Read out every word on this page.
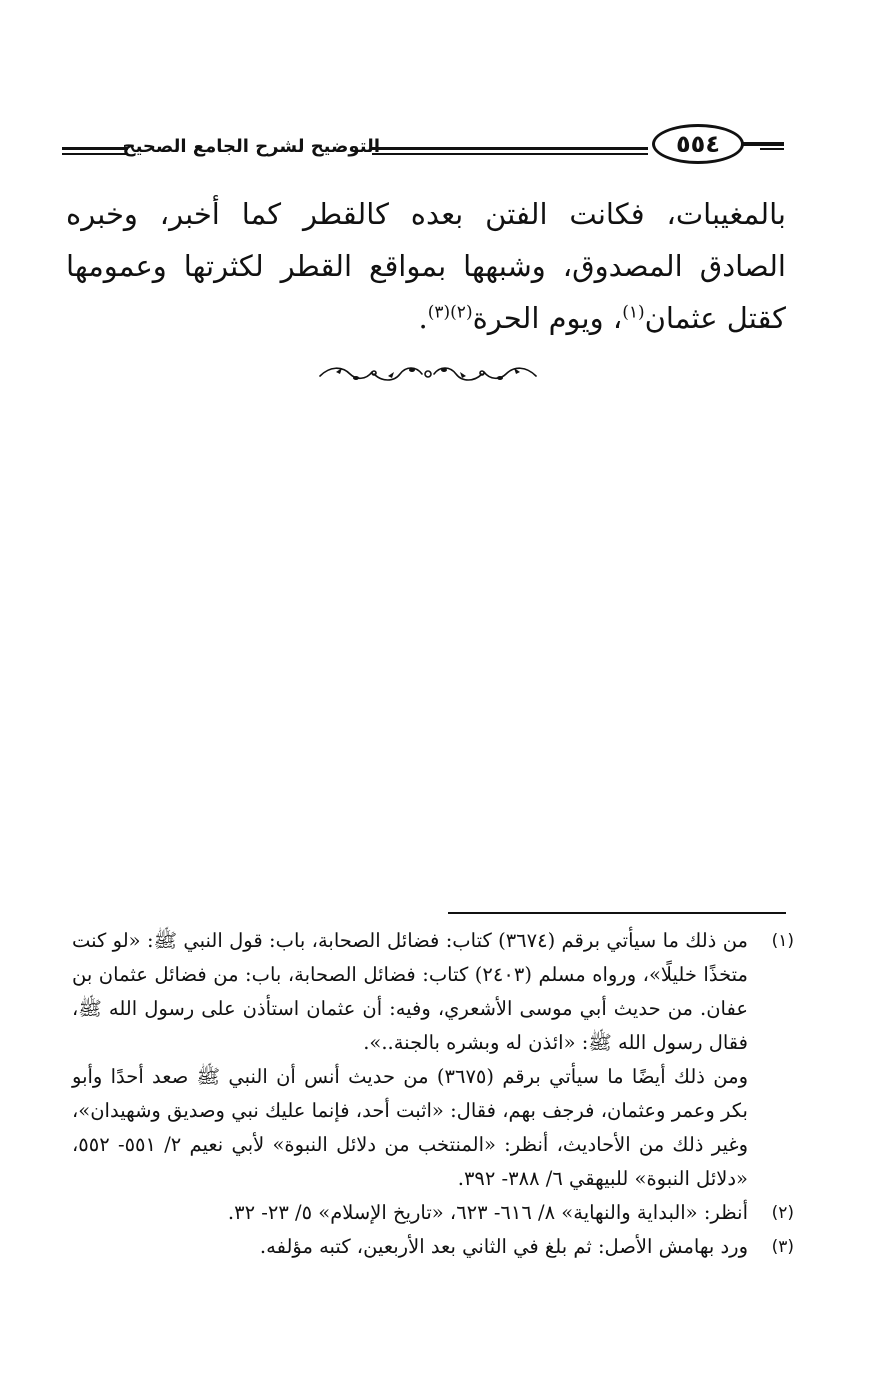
٥٥٤
التوضيح لشرح الجامع الصحيح

بالمغيبات، فكانت الفتن بعده كالقطر كما أخبر، وخبره الصادق المصدوق، وشبهها بمواقع القطر لكثرتها وعمومها كقتل عثمان$^{(١)}$، ويوم الحرة$^{(٢)(٣)}$.

(١)

من ذلك ما سيأتي برقم (٣٦٧٤) كتاب: فضائل الصحابة، باب: قول النبي ﷺ: «لو كنت متخذًا خليلًا»، ورواه مسلم (٢٤٠٣) كتاب: فضائل الصحابة، باب: من فضائل عثمان بن عفان. من حديث أبي موسى الأشعري، وفيه: أن عثمان استأذن على رسول الله ﷺ، فقال رسول الله ﷺ: «ائذن له وبشره بالجنة..».

ومن ذلك أيضًا ما سيأتي برقم (٣٦٧٥) من حديث أنس أن النبي ﷺ صعد أحدًا وأبو بكر وعمر وعثمان، فرجف بهم، فقال: «اثبت أحد، فإنما عليك نبي وصديق وشهيدان»، وغير ذلك من الأحاديث، أنظر: «المنتخب من دلائل النبوة» لأبي نعيم ٢/ ٥٥١- ٥٥٢، «دلائل النبوة» للبيهقي ٦/ ٣٨٨- ٣٩٢.

(٢)

أنظر: «البداية والنهاية» ٨/ ٦١٦- ٦٢٣، «تاريخ الإسلام» ٥/ ٢٣- ٣٢.

(٣)

ورد بهامش الأصل: ثم بلغ في الثاني بعد الأربعين، كتبه مؤلفه.
